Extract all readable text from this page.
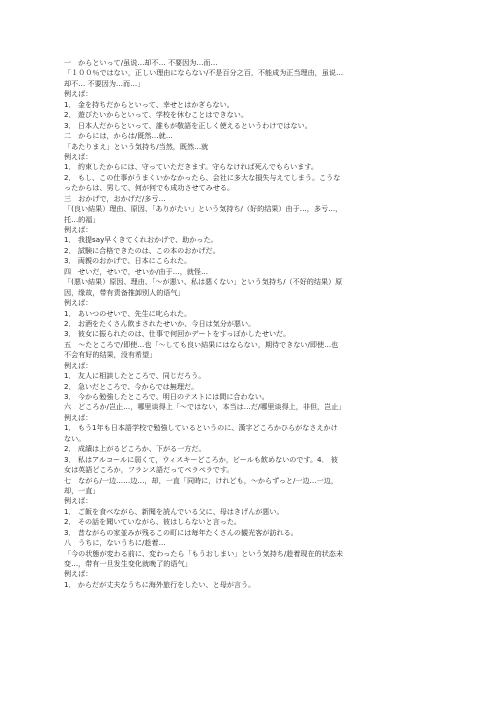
一　からといって/虽说…却不… 不要因为…而…
「１００％ではない，正しい理由にならない/不是百分之百，不能成为正当理由，虽说…
却不… 不要因为…而…」
例えば：
1． 金を持ちだからといって、幸せとはかぎらない。
2． 遊びたいからといって、学校を休むことはできない。
3． 日本人だからといって、誰もが敬語を正しく使えるというわけではない。
二　からには，からは/既然…就…
「あたりまえ」という気持ち/当然，既然…就
例えば：
1． 約束したからには、守っていただきます。守らなければ死んでもらいます。
2． もし、この仕事がうまくいかなかったら、会社に多大な損失与えてしまう。こうな
ったからは、男して、何が何でも成功させてみせる。
三　おかげで，おかげだ/多亏…
「(良い結果）理由、原因、「ありがたい」という気持ち/（好的结果）由于…，多亏…，
托…的福」
例えば：
1． 我提say早くきてくれおかげで、助かった。
2． 試験に合格できたのは、この本のおかげだ。
3． 両親のおかげで、日本にこられた。
四　せいだ，せいで，せいか/由于…，就怪…
「(悪い結果）原因、理由、「～が悪い、私は悪くない」という気持ち/（不好的结果）原
因，缘故，带有责备推卸别人的语气」
例えば：
1． あいつのせいで、先生に叱られた。
2． お酒をたくさん飲まされたせいか、今日は気分が悪い。
3． 彼女に振られたのは、仕事で何回かデートをすっぽかしたせいだ。
五　～たところで/即使…也「～しても良い結果にはならない，期待できない/即使…也
不会有好的结果，没有希望」
例えば：
1． 友人に相談したところで、同じだろう。
2． 急いだところで、今からでは無理だ。
3． 今から勉強したところで、明日のテストには間に合わない。
六　どころか/岂止…，哪里谈得上「～ではない，本当は…だ/哪里谈得上，非但，岂止」
例えば：
1． もう1年も日本語学校で勉強しているというのに、漢字どころかひらがなさえかけ
ない。
2． 成績は上がるどころか、下がる一方だ。
3． 私はアルコールに弱くて，ウィスキーどころか，ビールも飲めないのです。4． 彼
女は英語どころか，フランス語だってペラペラです。
七　ながら/一边……边…，却，一直「同時に，けれども，～からずっと/一边…一边，
却，一直」
例えば：
1． ご飯を食べながら、新聞を読んでいる父に、母はきげんが悪い。
2． その話を聞いていながら、彼はしらないと言った。
3． 昔ながらの家並みが残るこの町には毎年たくさんの観光客が訪れる。
八　うちに，ないうちに/趁着…
「今の状態が変わる前に、変わったら「もうおしまい」という気持ち/趁着现在的状态未
变…，带有一旦发生变化就晚了的语气」
例えば：
1． からだが丈夫なうちに海外旅行をしたい、と母が言う。
